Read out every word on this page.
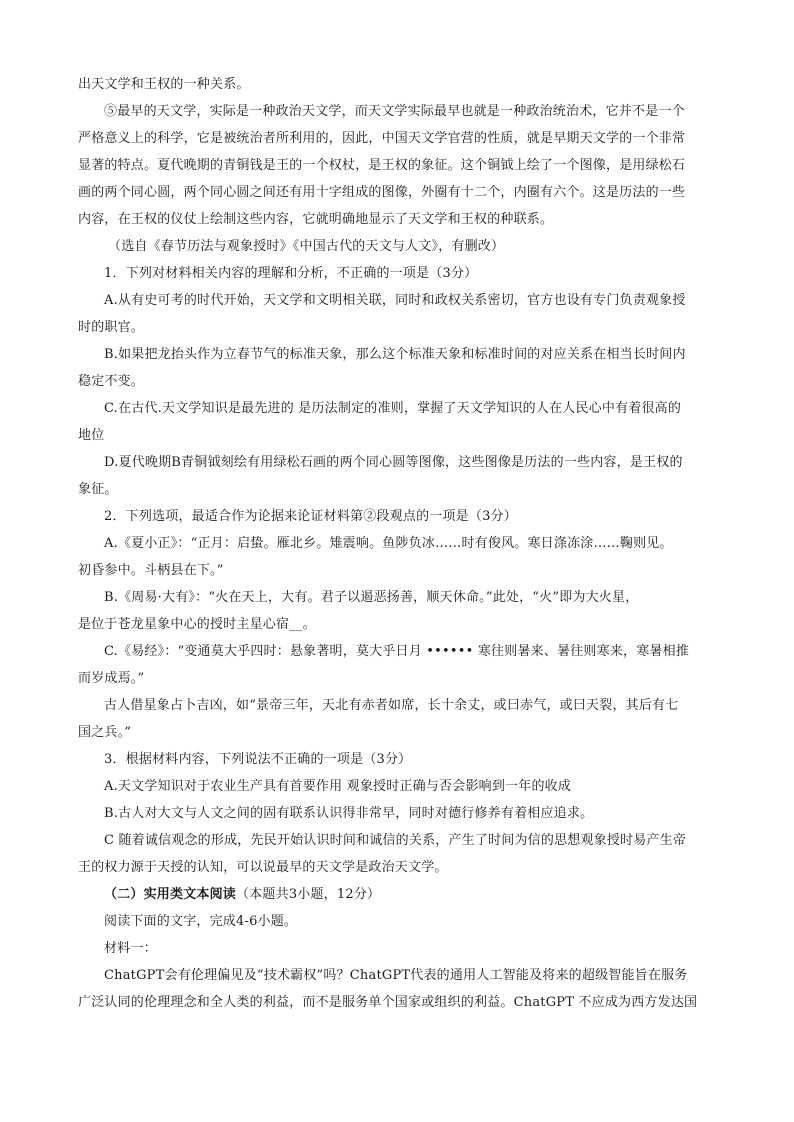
出天文学和王权的一种关系。

⑤最早的天文学，实际是一种政治天文学，而天文学实际最早也就是一种政治统治术，它并不是一个

严格意义上的科学，它是被统治者所利用的，因此，中国天文学官营的性质，就是早期天文学的一个非常

显著的特点。夏代晚期的青铜钱是王的一个权杖，是王权的象征。这个铜钺上绘了一个图像，是用绿松石

画的两个同心圆，两个同心圆之间还有用十字组成的图像，外圈有十二个，内圈有六个。这是历法的一些

内容，在王权的仪仗上绘制这些内容，它就明确地显示了天文学和王权的种联系。

（选自《春节历法与观象授时》《中国古代的天文与人文》，有删改）

1．下列对材料相关内容的理解和分析，不正确的一项是（3分）

A.从有史可考的时代开始，天文学和文明相关联，同时和政权关系密切，官方也设有专门负责观象授

时的职官。

B.如果把龙抬头作为立春节气的标准天象，那么这个标准天象和标准时间的对应关系在相当长时间内

稳定不变。

C.在古代.天文学知识是最先进的 是历法制定的准则，掌握了天文学知识的人在人民心中有着很高的

地位

D.夏代晚期B青铜钺刻绘有用绿松石画的两个同心圆等图像，这些图像是历法的一些内容，是王权的

象征。

2．下列选项，最适合作为论据来论证材料第②段观点的一项是（3分）

A.《夏小正》：“正月：启蛰。雁北乡。雉震响。鱼陟负冰……时有俊风。寒日涤冻涂……鞠则见。

初昏参中。斗柄县在下。”

B.《周易·大有》：“火在天上，大有。君子以遏恶扬善，顺天休命。”此处，“火”即为大火星，

是位于苍龙星象中心的授时主星心宿__。

C.《易经》：“变通莫大乎四时：悬象著明，莫大乎日月 •••••• 寒往则暑来、暑往则寒来，寒暑相推

而岁成焉。”

古人借星象占卜吉凶，如“景帝三年，天北有赤者如席，长十余丈，或曰赤气，或曰天裂，其后有七

国之兵。”

3．根据材料内容，下列说法不正确的一项是（3分）

A.天文学知识对于农业生产具有首要作用 观象授时正确与否会影响到一年的收成

B.古人对大文与人文之间的固有联系认识得非常早，同时对德行修养有着相应追求。

C 随着诚信观念的形成，先民开始认识时间和诚信的关系，产生了时间为信的思想观象授时易产生帝

王的权力源于天授的认知，可以说最早的天文学是政治天文学。

（二）实用类文本阅读（本题共3小题，12分）

阅读下面的文字，完成4-6小题。

材料一：

ChatGPT会有伦理偏见及“技术霸权”吗？ChatGPT代表的通用人工智能及将来的超级智能旨在服务

广泛认同的伦理理念和全人类的利益，而不是服务单个国家或组织的利益。ChatGPT 不应成为西方发达国
